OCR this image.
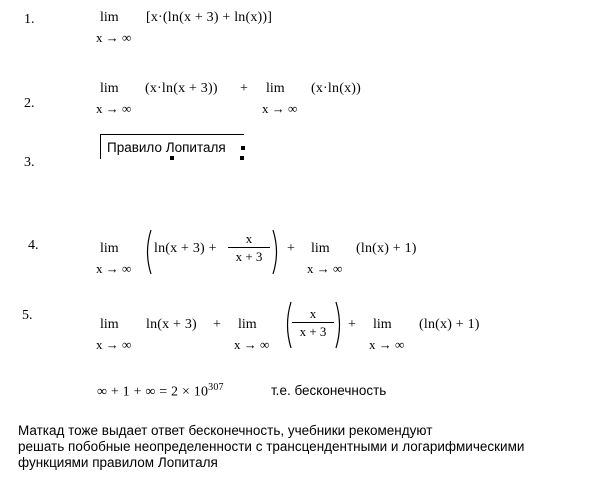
1.	lim
x → ∞
[x·(ln(x + 3) + ln(x))]
2.
lim
x → ∞
(x·ln(x + 3)) + lim
x → ∞
(x·ln(x))
3.
Правило Лопиталя
4.	lim
x → ∞
ln(x + 3) +
x
x + 3
+ lim
x → ∞
(ln(x) + 1)
5.
lim
x → ∞
ln(x + 3) + lim
x → ∞
x
x + 3	+ lim
x → ∞
(ln(x) + 1)
∞ + 1 + ∞ = $2 \times 10^{307}$	т.е. бесконечность
Маткад тоже выдает ответ бесконечность, учебники рекомендуют
решать побобные неопределенности с трансцендентными и логарифмическими
функциями правилом Лопиталя
